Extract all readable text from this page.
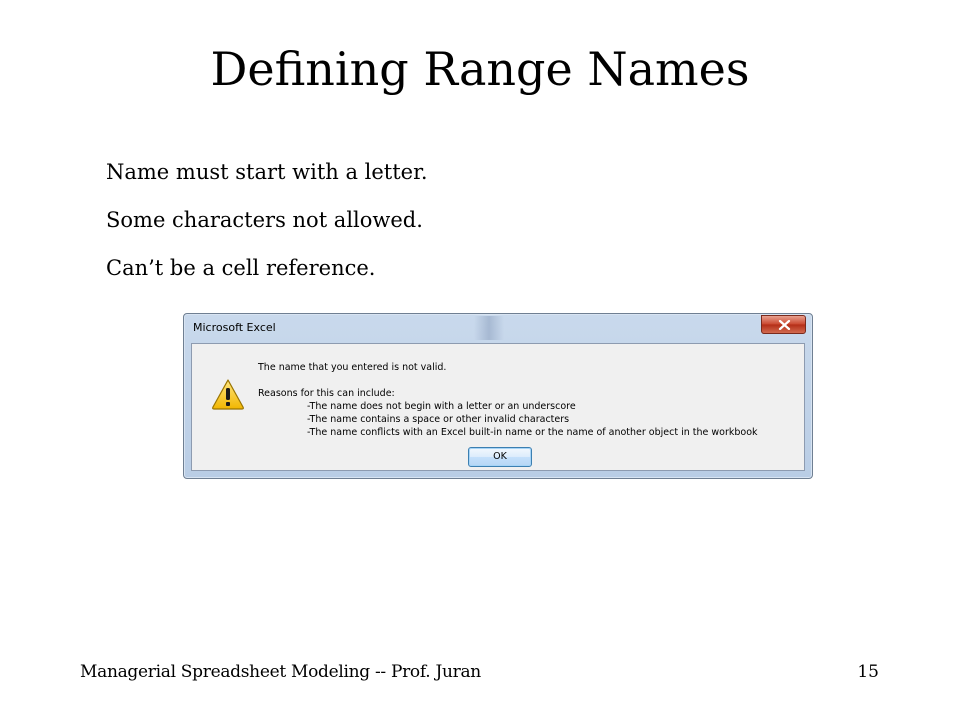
Defining Range Names
Name must start with a letter.
Some characters not allowed.
Can’t be a cell reference.
Microsoft Excel
The name that you entered is not valid.
Reasons for this can include:
-The name does not begin with a letter or an underscore
-The name contains a space or other invalid characters
-The name conflicts with an Excel built-in name or the name of another object in the workbook
OK
Managerial Spreadsheet Modeling -- Prof. Juran	15
